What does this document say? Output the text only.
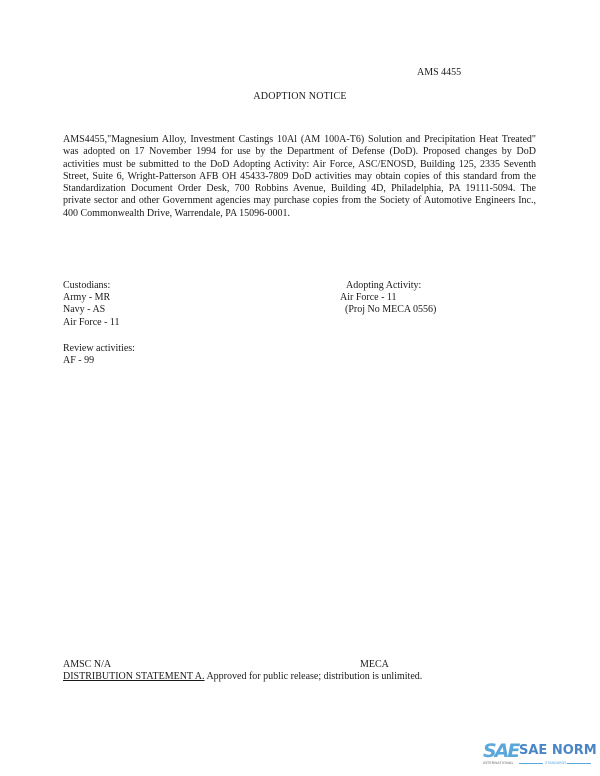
AMS 4455
ADOPTION NOTICE
AMS4455,"Magnesium Alloy, Investment Castings 10Al (AM 100A-T6) Solution and Precipitation Heat Treated"
was adopted on 17 November 1994 for use by the Department of Defense (DoD). Proposed changes by DoD
activities must be submitted to the DoD Adopting Activity: Air Force, ASC/ENOSD, Building 125, 2335 Seventh
Street, Suite 6, Wright-Patterson AFB OH 45433-7809 DoD activities may obtain copies of this standard from the
Standardization Document Order Desk, 700 Robbins Avenue, Building 4D, Philadelphia, PA 19111-5094. The
private sector and other Government agencies may purchase copies from the Society of Automotive Engineers Inc.,
400 Commonwealth Drive, Warrendale, PA 15096-0001.
Custodians:
Army - MR
Navy - AS
Air Force - 11
Adopting Activity:
Air Force - 11
(Proj No MECA 0556)
Review activities:
AF - 99
AMSC N/A	MECA
DISTRIBUTION STATEMENT A. Approved for public release; distribution is unlimited.
SAE SAE NORM
INTERNATIONAL	STANDARDS
